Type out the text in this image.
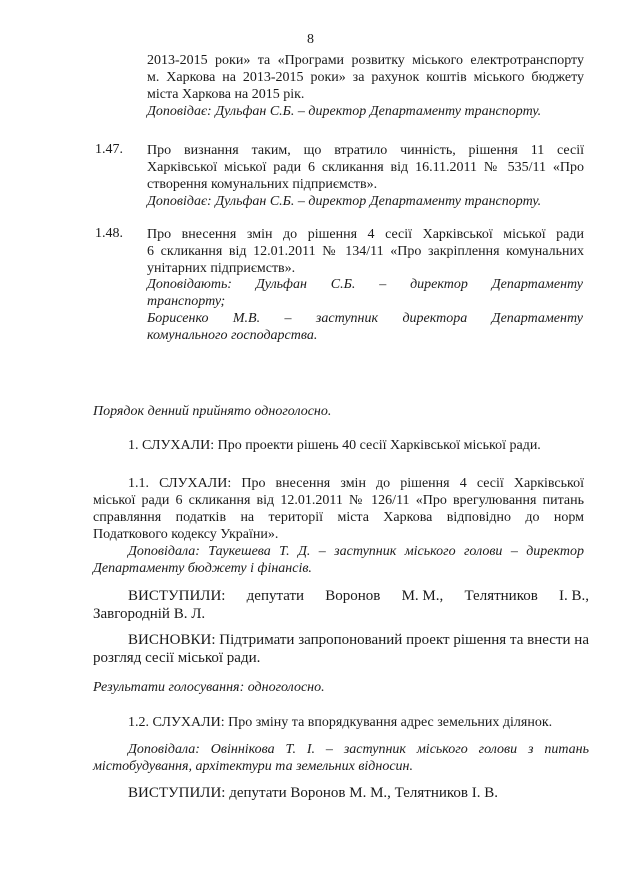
8
2013-2015 роки» та «Програми розвитку міського електротранспорту
м. Харкова на 2013-2015 роки» за рахунок коштів міського бюджету
міста Харкова на 2015 рік.
Доповідає: Дульфан С.Б. – директор Департаменту транспорту.
1.47. Про визнання таким, що втратило чинність, рішення 11 сесії
Харківської міської ради 6 скликання від 16.11.2011 № 535/11 «Про
створення комунальних підприємств».
Доповідає: Дульфан С.Б. – директор Департаменту транспорту.
1.48. Про внесення змін до рішення 4 сесії Харківської міської ради
6 скликання від 12.01.2011 № 134/11 «Про закріплення комунальних
унітарних підприємств».
Доповідають: Дульфан С.Б. – директор Департаменту
транспорту;
Борисенко М.В. – заступник директора Департаменту
комунального господарства.
Порядок денний прийнято одноголосно.
1. СЛУХАЛИ: Про проекти рішень 40 сесії Харківської міської ради.
1.1. СЛУХАЛИ: Про внесення змін до рішення 4 сесії Харківської
міської ради 6 скликання від 12.01.2011 № 126/11 «Про врегулювання питань
справляння податків на території міста Харкова відповідно до норм
Податкового кодексу України».
Доповідала: Таукешева Т. Д. – заступник міського голови – директор
Департаменту бюджету і фінансів.
ВИСТУПИЛИ: депутати Воронов М. М., Телятников І. В.,
Завгородній В. Л.
ВИСНОВКИ: Підтримати запропонований проект рішення та внести на
розгляд сесії міської ради.
Результати голосування: одноголосно.
1.2. СЛУХАЛИ: Про зміну та впорядкування адрес земельних ділянок.
Доповідала: Овіннікова Т. І. – заступник міського голови з питань
містобудування, архітектури та земельних відносин.
ВИСТУПИЛИ: депутати Воронов М. М., Телятников І. В.
